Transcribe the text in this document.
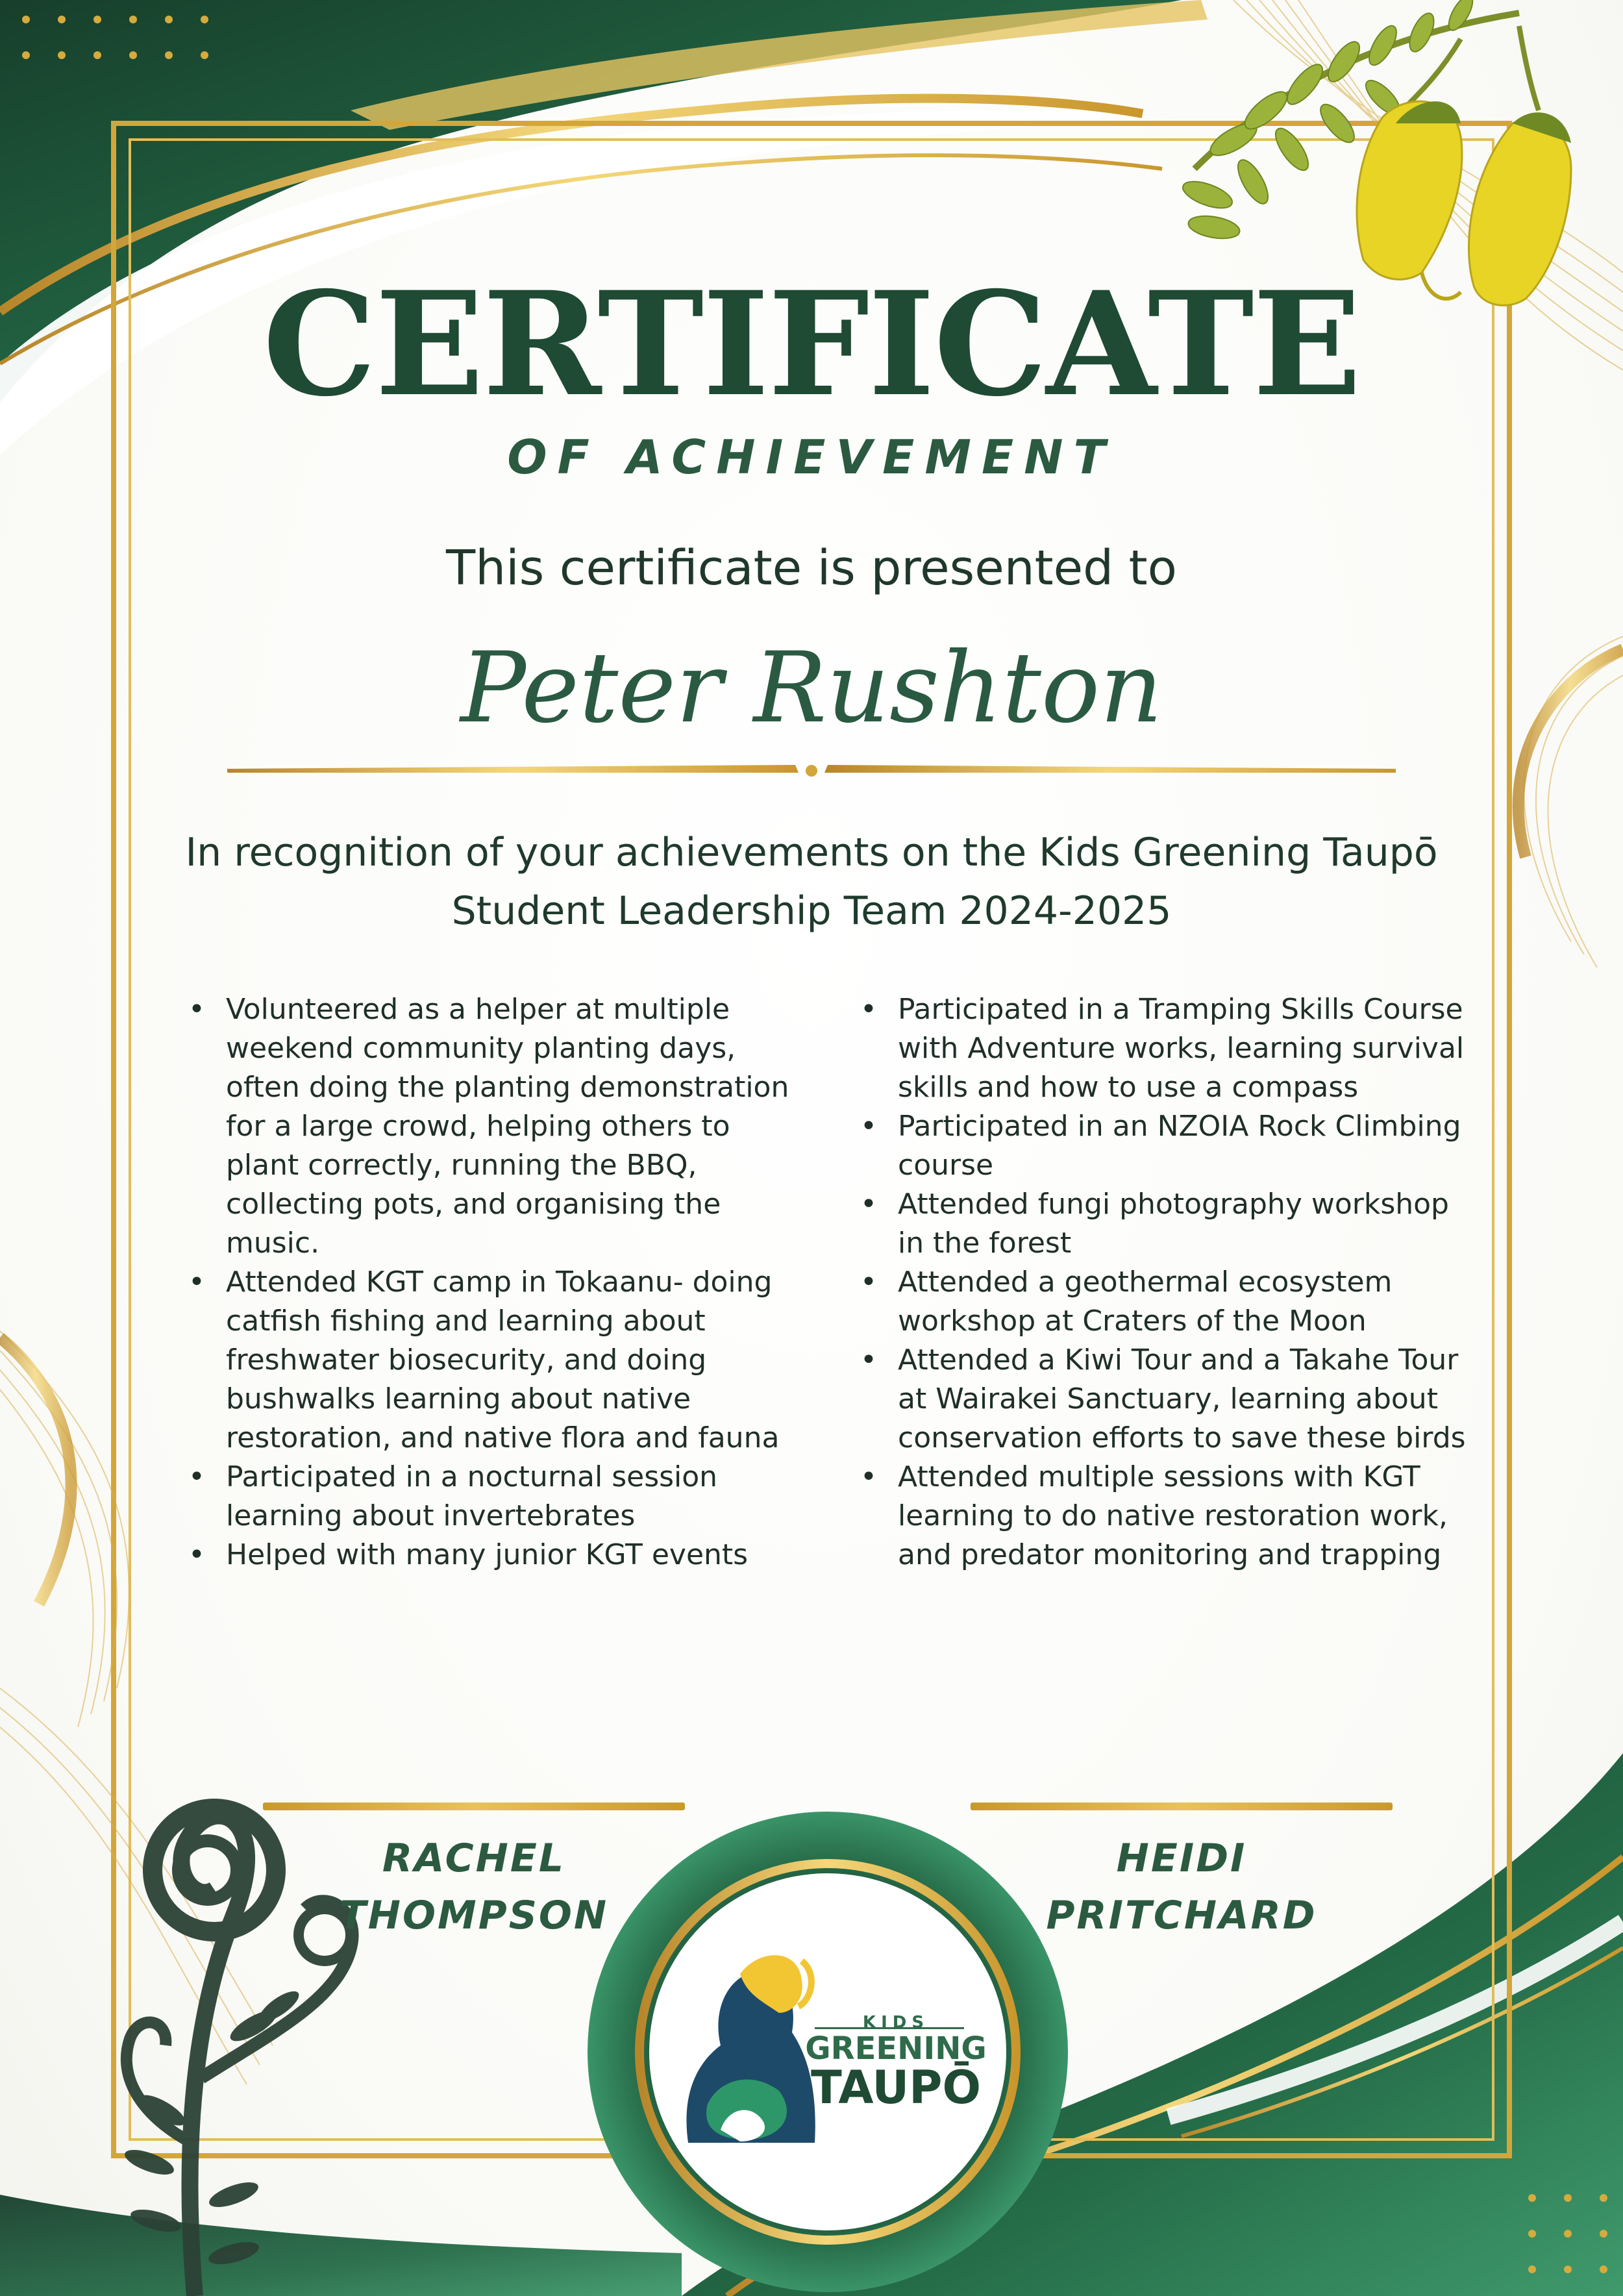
CERTIFICATE
OF ACHIEVEMENT
This certificate is presented to
Peter Rushton
In recognition of your achievements on the Kids Greening Taupō Student Leadership Team 2024-2025
• Volunteered as a helper at multiple weekend community planting days, often doing the planting demonstration for a large crowd, helping others to plant correctly, running the BBQ, collecting pots, and organising the music.
• Attended KGT camp in Tokaanu- doing catfish fishing and learning about freshwater biosecurity, and doing bushwalks learning about native restoration, and native flora and fauna
• Participated in a nocturnal session learning about invertebrates
• Helped with many junior KGT events
• Participated in a Tramping Skills Course with Adventure works, learning survival skills and how to use a compass
• Participated in an NZOIA Rock Climbing course
• Attended fungi photography workshop in the forest
• Attended a geothermal ecosystem workshop at Craters of the Moon
• Attended a Kiwi Tour and a Takahe Tour at Wairakei Sanctuary, learning about conservation efforts to save these birds
• Attended multiple sessions with KGT learning to do native restoration work, and predator monitoring and trapping
RACHEL
THOMPSON
HEIDI
PRITCHARD
KIDS
GREENING
TAUPŌ
